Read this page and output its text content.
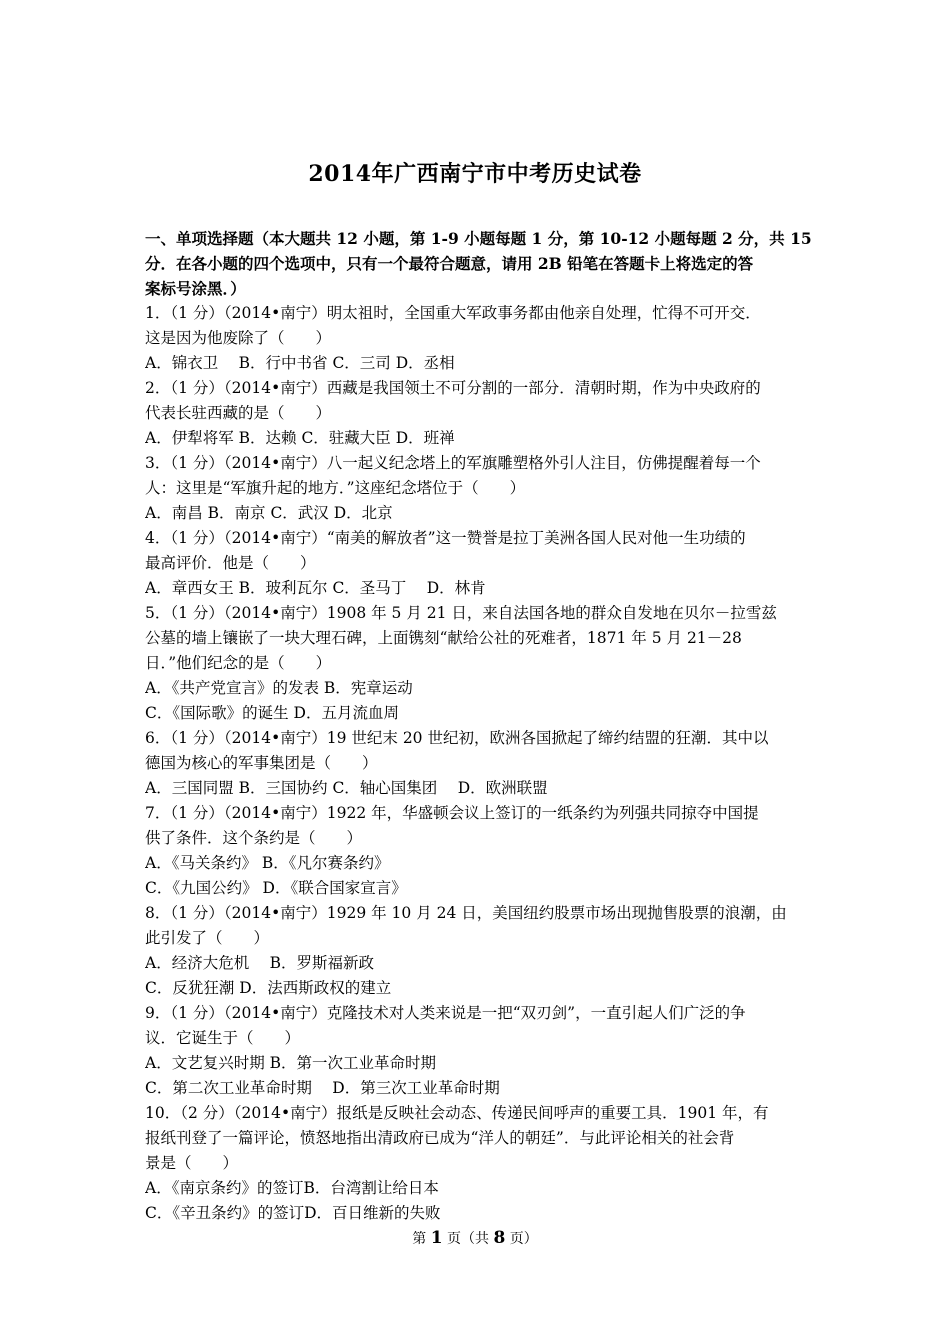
2014年广西南宁市中考历史试卷
一、单项选择题（本大题共 12 小题，第 1-9 小题每题 1 分，第 10-12 小题每题 2 分，共 15
分．在各小题的四个选项中，只有一个最符合题意，请用 2B 铅笔在答题卡上将选定的答
案标号涂黑．）
1．（1 分）（2014•南宁）明太祖时，全国重大军政事务都由他亲自处理，忙得不可开交．
这是因为他废除了（　　）
A．锦衣卫　 B．行中书省 C．三司 D．丞相
2．（1 分）（2014•南宁）西藏是我国领土不可分割的一部分．清朝时期，作为中央政府的
代表长驻西藏的是（　　）
A．伊犁将军 B．达赖 C．驻藏大臣 D．班禅
3．（1 分）（2014•南宁）八一起义纪念塔上的军旗雕塑格外引人注目，仿佛提醒着每一个
人：这里是“军旗升起的地方．”这座纪念塔位于（　　）
A．南昌 B．南京 C．武汉 D．北京
4．（1 分）（2014•南宁）“南美的解放者”这一赞誉是拉丁美洲各国人民对他一生功绩的
最高评价．他是（　　）
A．章西女王 B．玻利瓦尔 C．圣马丁　 D．林肯
5．（1 分）（2014•南宁）1908 年 5 月 21 日，来自法国各地的群众自发地在贝尔－拉雪兹
公墓的墙上镶嵌了一块大理石碑，上面镌刻“献给公社的死难者，1871 年 5 月 21－28
日．”他们纪念的是（　　）
A．《共产党宣言》的发表 B．宪章运动
C．《国际歌》的诞生 D．五月流血周
6．（1 分）（2014•南宁）19 世纪末 20 世纪初，欧洲各国掀起了缔约结盟的狂潮．其中以
德国为核心的军事集团是（　　）
A．三国同盟 B．三国协约 C．轴心国集团　 D．欧洲联盟
7．（1 分）（2014•南宁）1922 年，华盛顿会议上签订的一纸条约为列强共同掠夺中国提
供了条件．这个条约是（　　）
A．《马关条约》 B．《凡尔赛条约》
C．《九国公约》 D．《联合国家宣言》
8．（1 分）（2014•南宁）1929 年 10 月 24 日，美国纽约股票市场出现抛售股票的浪潮，由
此引发了（　　）
A．经济大危机　 B．罗斯福新政
C．反犹狂潮 D．法西斯政权的建立
9．（1 分）（2014•南宁）克隆技术对人类来说是一把“双刃剑”，一直引起人们广泛的争
议．它诞生于（　　）
A．文艺复兴时期 B．第一次工业革命时期
C．第二次工业革命时期　 D．第三次工业革命时期
10．（2 分）（2014•南宁）报纸是反映社会动态、传递民间呼声的重要工具．1901 年，有
报纸刊登了一篇评论，愤怒地指出清政府已成为“洋人的朝廷”．与此评论相关的社会背
景是（　　）
A．《南京条约》的签订B．台湾割让给日本
C．《辛丑条约》的签订D．百日维新的失败
第 1 页（共 8 页）
